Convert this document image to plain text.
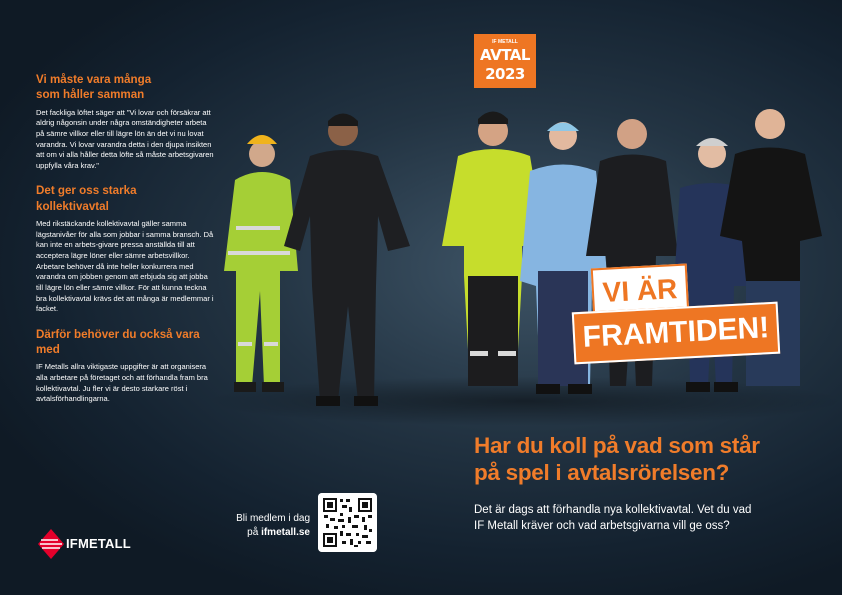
Vi måste vara många
som håller samman

Det fackliga löftet säger att "Vi lovar och försäkrar att aldrig någonsin under några omständigheter arbeta på sämre villkor eller till lägre lön än det vi nu lovat varandra. Vi lovar varandra detta i den djupa insikten att om vi alla håller detta löfte så måste arbetsgivaren uppfylla våra krav."

Det ger oss starka
kollektivavtal

Med rikstäckande kollektivavtal gäller samma lägstanivåer för alla som jobbar i samma bransch. Då kan inte en arbets-givare pressa anställda till att acceptera lägre löner eller sämre arbetsvillkor. Arbetare behöver då inte heller konkurrera med varandra om jobben genom att erbjuda sig att jobba till lägre lön eller sämre villkor. För att kunna teckna bra kollektivavtal krävs det att många är medlemmar i facket.

Därför behöver du också vara med

IF Metalls allra viktigaste uppgifter är att organisera alla arbetare på företaget och att förhandla fram bra kollektivavtal. Ju fler vi är desto starkare röst i avtalsförhandlingarna.

IF METALL
AVTAL
2023
VI ÄR
FRAMTIDEN!
Har du koll på vad som står
på spel i avtalsrörelsen?
Det är dags att förhandla nya kollektivavtal. Vet du vad
IF Metall kräver och vad arbetsgivarna vill ge oss?
Bli medlem i dag
på ifmetall.se
IFMETALL
